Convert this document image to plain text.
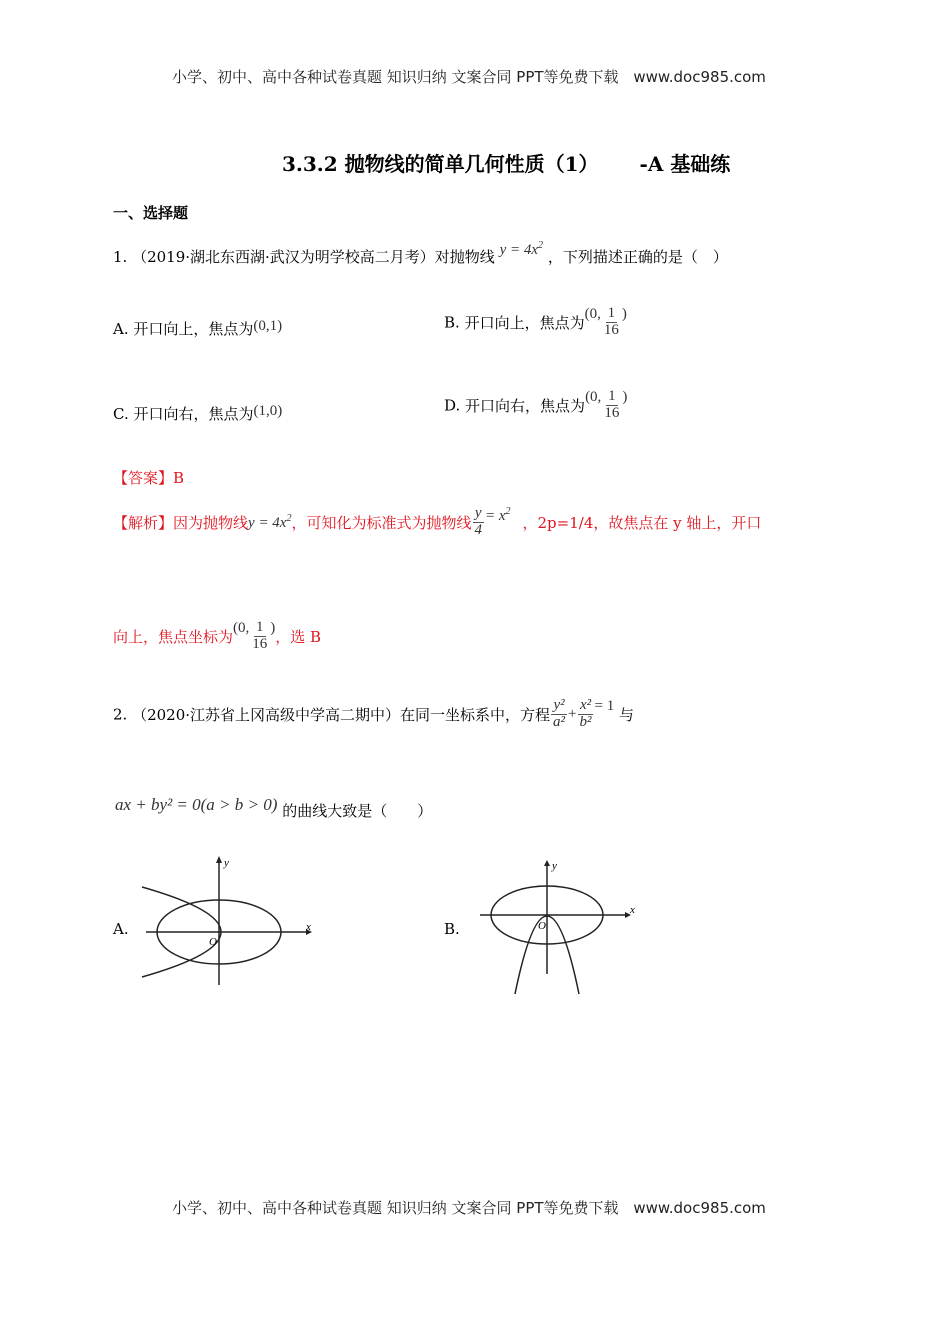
小学、初中、高中各种试卷真题 知识归纳 文案合同 PPT等免费下载 www.doc985.com
3.3.2 抛物线的简单几何性质（1） -A 基础练
一、选择题
1. （2019·湖北东西湖·武汉为明学校高二月考）对抛物线 $y = 4x^2$ ，下列描述正确的是（　）
A. 开口向上，焦点为(0,1)	B. 开口向上，焦点为(0, $\frac{1}{16}$ )
C. 开口向右，焦点为(1,0)	D. 开口向右，焦点为(0, $\frac{1}{16}$ )
【答案】B
【解析】因为抛物线$y = 4x^2$，可知化为标准式为抛物线 $\frac{y}{4} = x^2$，2p=1/4，故焦点在 y 轴上，开口
向上，焦点坐标为(0, $\frac{1}{16}$ )，选 B
2. （2020·江苏省上冈高级中学高二期中）在同一坐标系中，方程 $\frac{\text{y²}}{\text{a²}} + \frac{\text{x²}}{\text{b²}} = 1$ 与
ax + by² = 0(a > b > 0) 的曲线大致是（　　）
A.	x
y
O
B.
x
y
O
小学、初中、高中各种试卷真题 知识归纳 文案合同 PPT等免费下载 www.doc985.com
